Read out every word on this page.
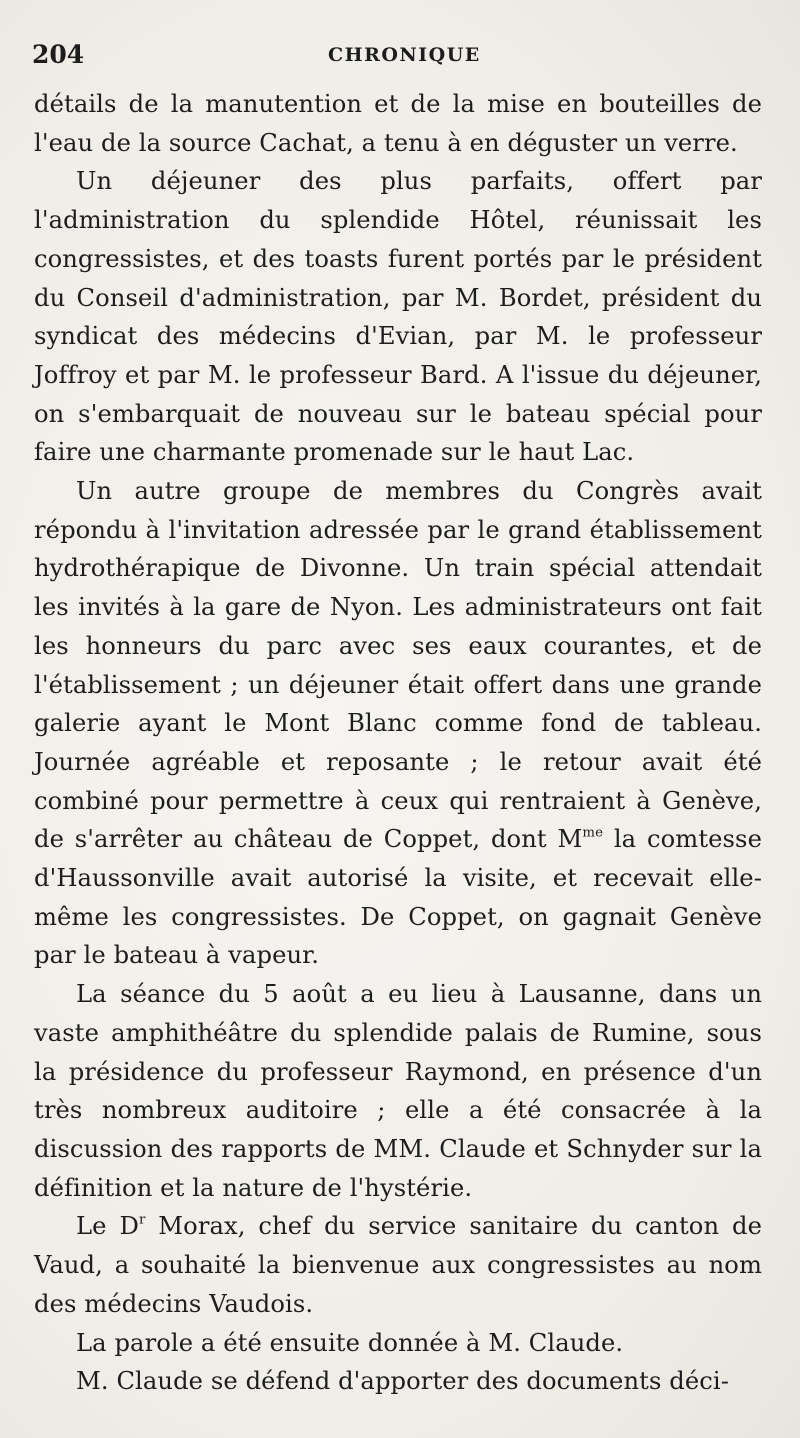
204	CHRONIQUE

détails de la manutention et de la mise en bouteilles de l'eau de la source Cachat, a tenu à en déguster un verre.

Un déjeuner des plus parfaits, offert par l'administration du splendide Hôtel, réunissait les congressistes, et des toasts furent portés par le président du Conseil d'administration, par M. Bordet, président du syndicat des médecins d'Evian, par M. le professeur Joffroy et par M. le professeur Bard. A l'issue du déjeuner, on s'embarquait de nouveau sur le bateau spécial pour faire une charmante promenade sur le haut Lac.

Un autre groupe de membres du Congrès avait répondu à l'invitation adressée par le grand établissement hydrothérapique de Divonne. Un train spécial attendait les invités à la gare de Nyon. Les administrateurs ont fait les honneurs du parc avec ses eaux courantes, et de l'établissement ; un déjeuner était offert dans une grande galerie ayant le Mont Blanc comme fond de tableau. Journée agréable et reposante ; le retour avait été combiné pour permettre à ceux qui rentraient à Genève, de s'arrêter au château de Coppet, dont $M^{me}$ la comtesse d'Haussonville avait autorisé la visite, et recevait elle-même les congressistes. De Coppet, on gagnait Genève par le bateau à vapeur.

La séance du 5 août a eu lieu à Lausanne, dans un vaste amphithéâtre du splendide palais de Rumine, sous la présidence du professeur Raymond, en présence d'un très nombreux auditoire ; elle a été consacrée à la discussion des rapports de MM. Claude et Schnyder sur la définition et la nature de l'hystérie.

Le $D^r$ Morax, chef du service sanitaire du canton de Vaud, a souhaité la bienvenue aux congressistes au nom des médecins Vaudois.

La parole a été ensuite donnée à M. Claude.

M. Claude se défend d'apporter des documents déci-
